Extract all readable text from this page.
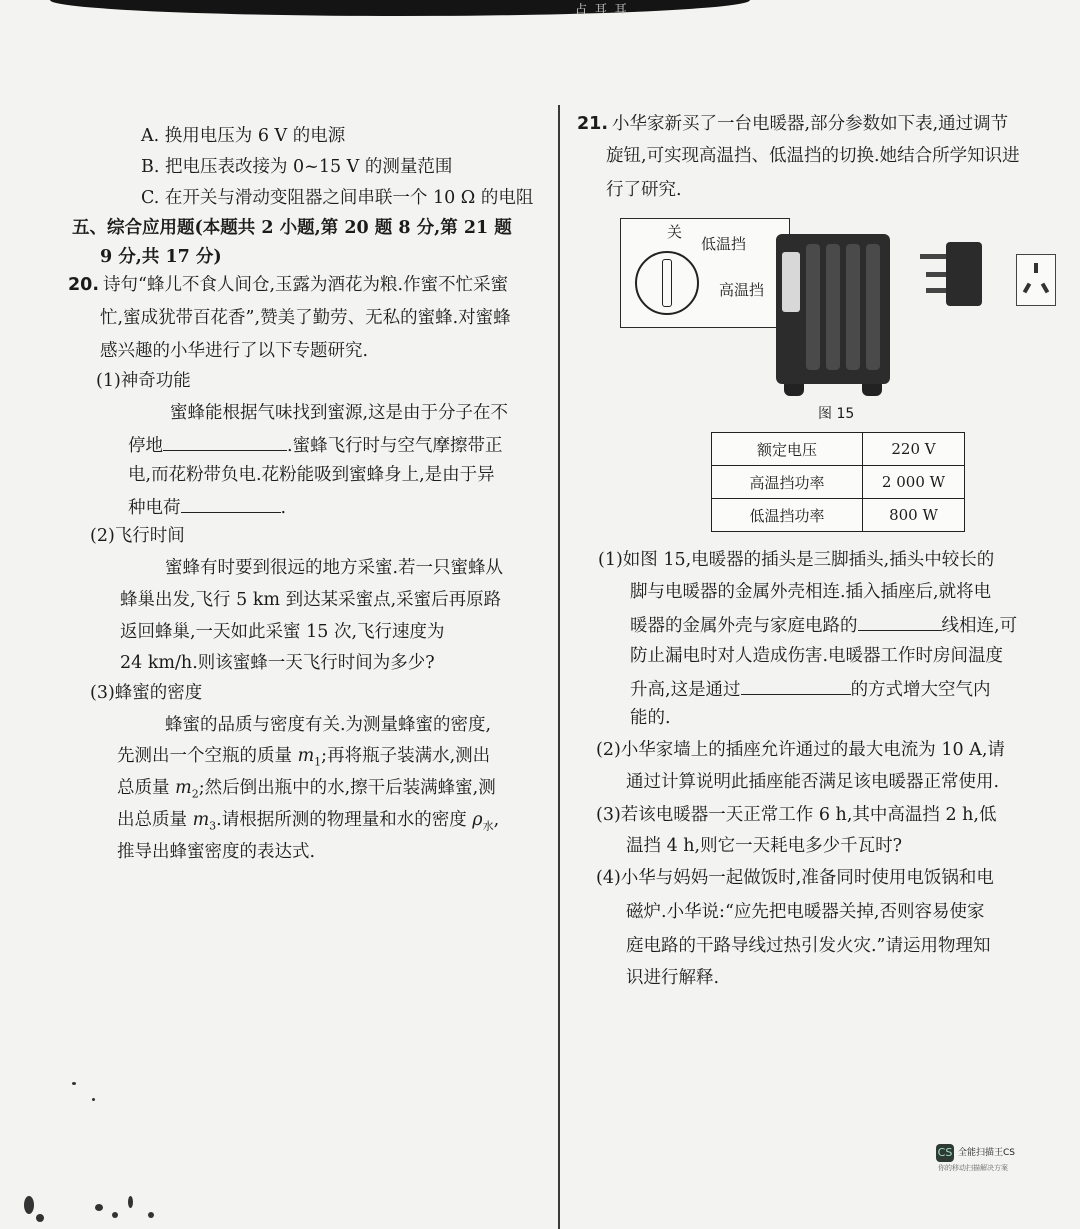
占 耳 耳
A. 换用电压为 6 V 的电源
B. 把电压表改接为 0~15 V 的测量范围
C. 在开关与滑动变阻器之间串联一个 10 Ω 的电阻
五、综合应用题(本题共 2 小题,第 20 题 8 分,第 21 题
9 分,共 17 分)
20. 诗句“蜂儿不食人间仓,玉露为酒花为粮.作蜜不忙采蜜
忙,蜜成犹带百花香”,赞美了勤劳、无私的蜜蜂.对蜜蜂
感兴趣的小华进行了以下专题研究.
(1)神奇功能
蜜蜂能根据气味找到蜜源,这是由于分子在不
停地	.蜜蜂飞行时与空气摩擦带正
电,而花粉带负电.花粉能吸到蜜蜂身上,是由于异
种电荷	.
(2)飞行时间
蜜蜂有时要到很远的地方采蜜.若一只蜜蜂从
蜂巢出发,飞行 5 km 到达某采蜜点,采蜜后再原路
返回蜂巢,一天如此采蜜 15 次,飞行速度为
24 km/h.则该蜜蜂一天飞行时间为多少?
(3)蜂蜜的密度
蜂蜜的品质与密度有关.为测量蜂蜜的密度,
先测出一个空瓶的质量 $m_1$;再将瓶子装满水,测出
总质量 $m_2$;然后倒出瓶中的水,擦干后装满蜂蜜,测
出总质量 $m_3$.请根据所测的物理量和水的密度 $\rho_水$,
推导出蜂蜜密度的表达式.
21. 小华家新买了一台电暖器,部分参数如下表,通过调节
旋钮,可实现高温挡、低温挡的切换.她结合所学知识进
行了研究.
关
低温挡
高温挡
图 15
额定电压	220 V
高温挡功率	2 000 W
低温挡功率	800 W
(1)如图 15,电暖器的插头是三脚插头,插头中较长的
脚与电暖器的金属外壳相连.插入插座后,就将电
暖器的金属外壳与家庭电路的	线相连,可
防止漏电时对人造成伤害.电暖器工作时房间温度
升高,这是通过	的方式增大空气内
能的.
(2)小华家墙上的插座允许通过的最大电流为 10 A,请
通过计算说明此插座能否满足该电暖器正常使用.
(3)若该电暖器一天正常工作 6 h,其中高温挡 2 h,低
温挡 4 h,则它一天耗电多少千瓦时?
(4)小华与妈妈一起做饭时,准备同时使用电饭锅和电
磁炉.小华说:“应先把电暖器关掉,否则容易使家
庭电路的干路导线过热引发火灾.”请运用物理知
识进行解释.
CS 全能扫描王CS
你的移动扫描解决方案
